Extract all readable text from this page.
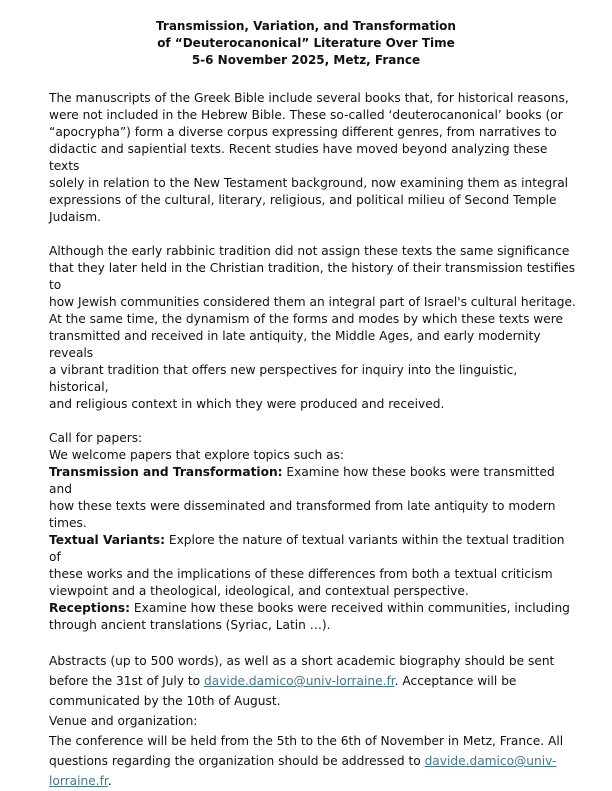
Transmission, Variation, and Transformation
of “Deuterocanonical” Literature Over Time
5-6 November 2025, Metz, France

The manuscripts of the Greek Bible include several books that, for historical reasons,
were not included in the Hebrew Bible. These so-called ‘deuterocanonical’ books (or
“apocrypha”) form a diverse corpus expressing different genres, from narratives to
didactic and sapiential texts. Recent studies have moved beyond analyzing these texts
solely in relation to the New Testament background, now examining them as integral
expressions of the cultural, literary, religious, and political milieu of Second Temple
Judaism.

Although the early rabbinic tradition did not assign these texts the same significance
that they later held in the Christian tradition, the history of their transmission testifies to
how Jewish communities considered them an integral part of Israel's cultural heritage.
At the same time, the dynamism of the forms and modes by which these texts were
transmitted and received in late antiquity, the Middle Ages, and early modernity reveals
a vibrant tradition that offers new perspectives for inquiry into the linguistic, historical,
and religious context in which they were produced and received.

Call for papers:
We welcome papers that explore topics such as:
Transmission and Transformation: Examine how these books were transmitted and
how these texts were disseminated and transformed from late antiquity to modern
times.
Textual Variants: Explore the nature of textual variants within the textual tradition of
these works and the implications of these differences from both a textual criticism
viewpoint and a theological, ideological, and contextual perspective.
Receptions: Examine how these books were received within communities, including
through ancient translations (Syriac, Latin …).
Abstracts (up to 500 words), as well as a short academic biography should be sent
before the 31st of July to davide.damico@univ-lorraine.fr. Acceptance will be
communicated by the 10th of August.
Venue and organization:
The conference will be held from the 5th to the 6th of November in Metz, France. All
questions regarding the organization should be addressed to davide.damico@univ-
lorraine.fr.
